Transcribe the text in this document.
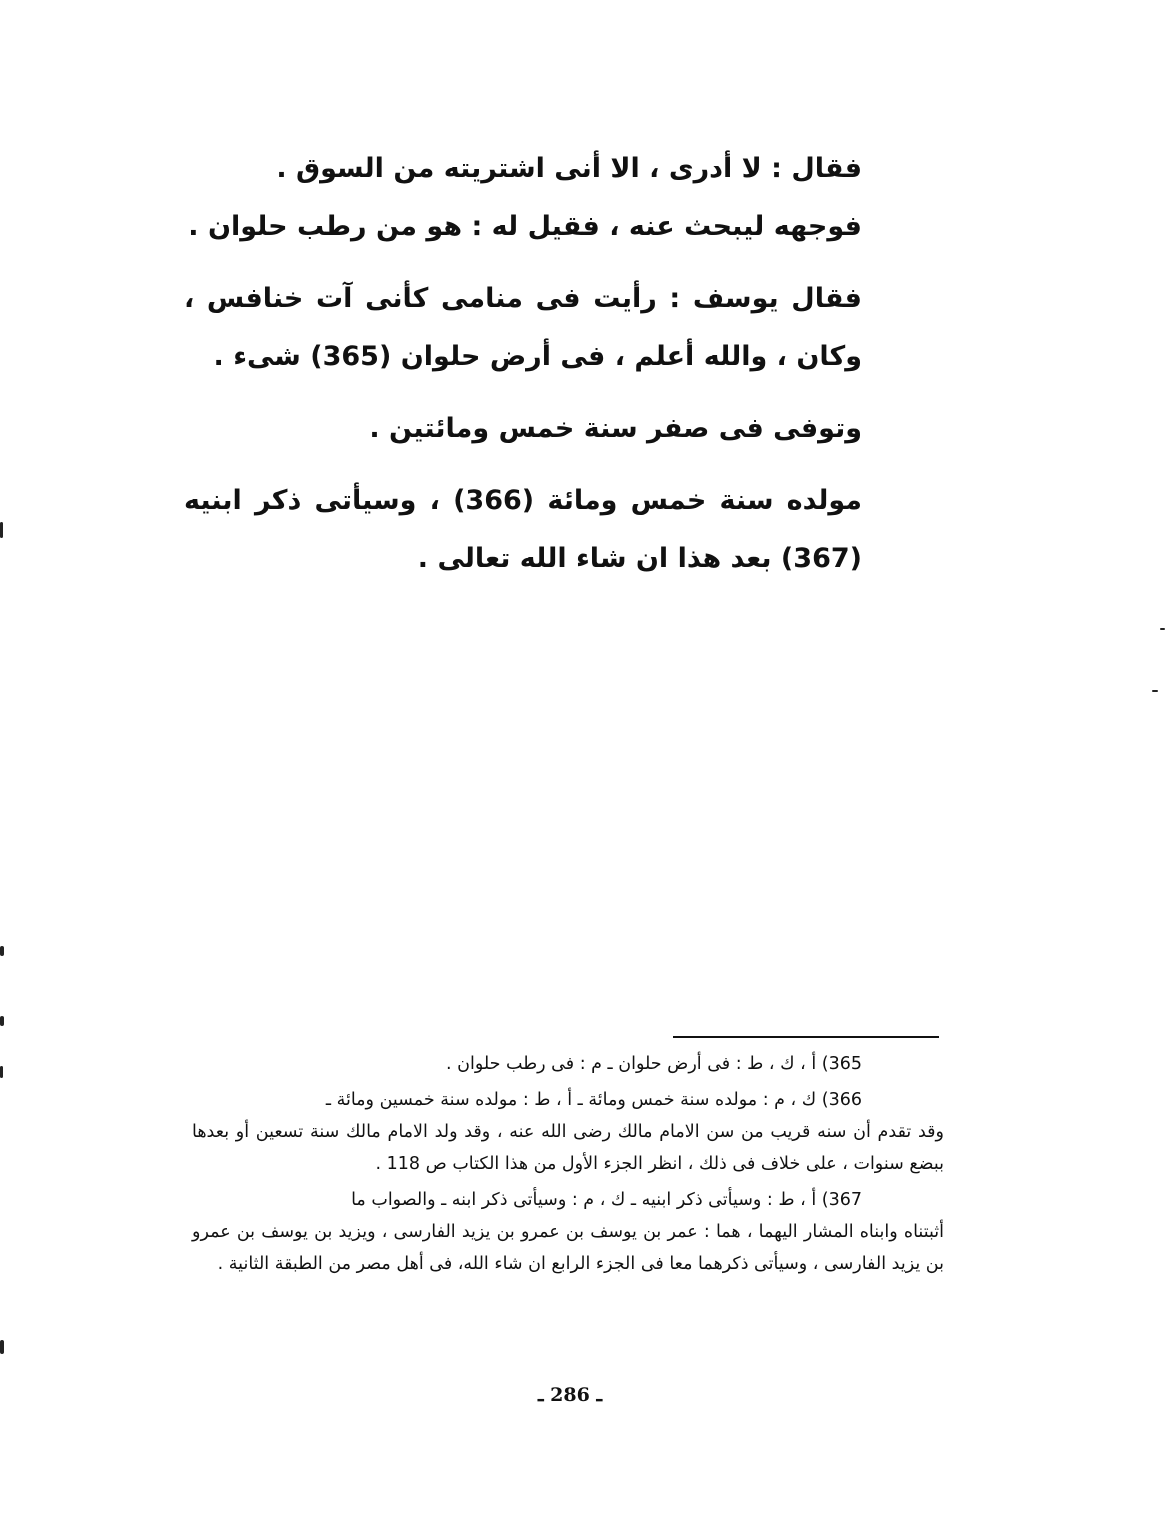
فقال : لا أدرى ، الا أنى اشتريته من السوق .

فوجهه ليبحث عنه ، فقيل له : هو من رطب حلوان .

فقال يوسف : رأيت فى منامى كأنى آت خنافس ، وكان ، والله أعلم ، فى أرض حلوان (365) شىء .

وتوفى فى صفر سنة خمس ومائتين .

مولده سنة خمس ومائة (366) ، وسيأتى ذكر ابنيه (367) بعد هذا ان شاء الله تعالى .

365) أ ، ك ، ط : فى أرض حلوان ـ م : فى رطب حلوان .
366) ك ، م : مولده سنة خمس ومائة ـ أ ، ط : مولده سنة خمسين ومائة ـ
وقد تقدم أن سنه قريب من سن الامام مالك رضى الله عنه ، وقد ولد الامام مالك سنة تسعين أو بعدها ببضع سنوات ، على خلاف فى ذلك ، انظر الجزء الأول من هذا الكتاب ص 118 .
367) أ ، ط : وسيأتى ذكر ابنيه ـ ك ، م : وسيأتى ذكر ابنه ـ والصواب ما
أثبتناه وابناه المشار اليهما ، هما : عمر بن يوسف بن عمرو بن يزيد الفارسى ، ويزيد بن يوسف بن عمرو بن يزيد الفارسى ، وسيأتى ذكرهما معا فى الجزء الرابع ان شاء الله، فى أهل مصر من الطبقة الثانية .
ـ 286 ـ
